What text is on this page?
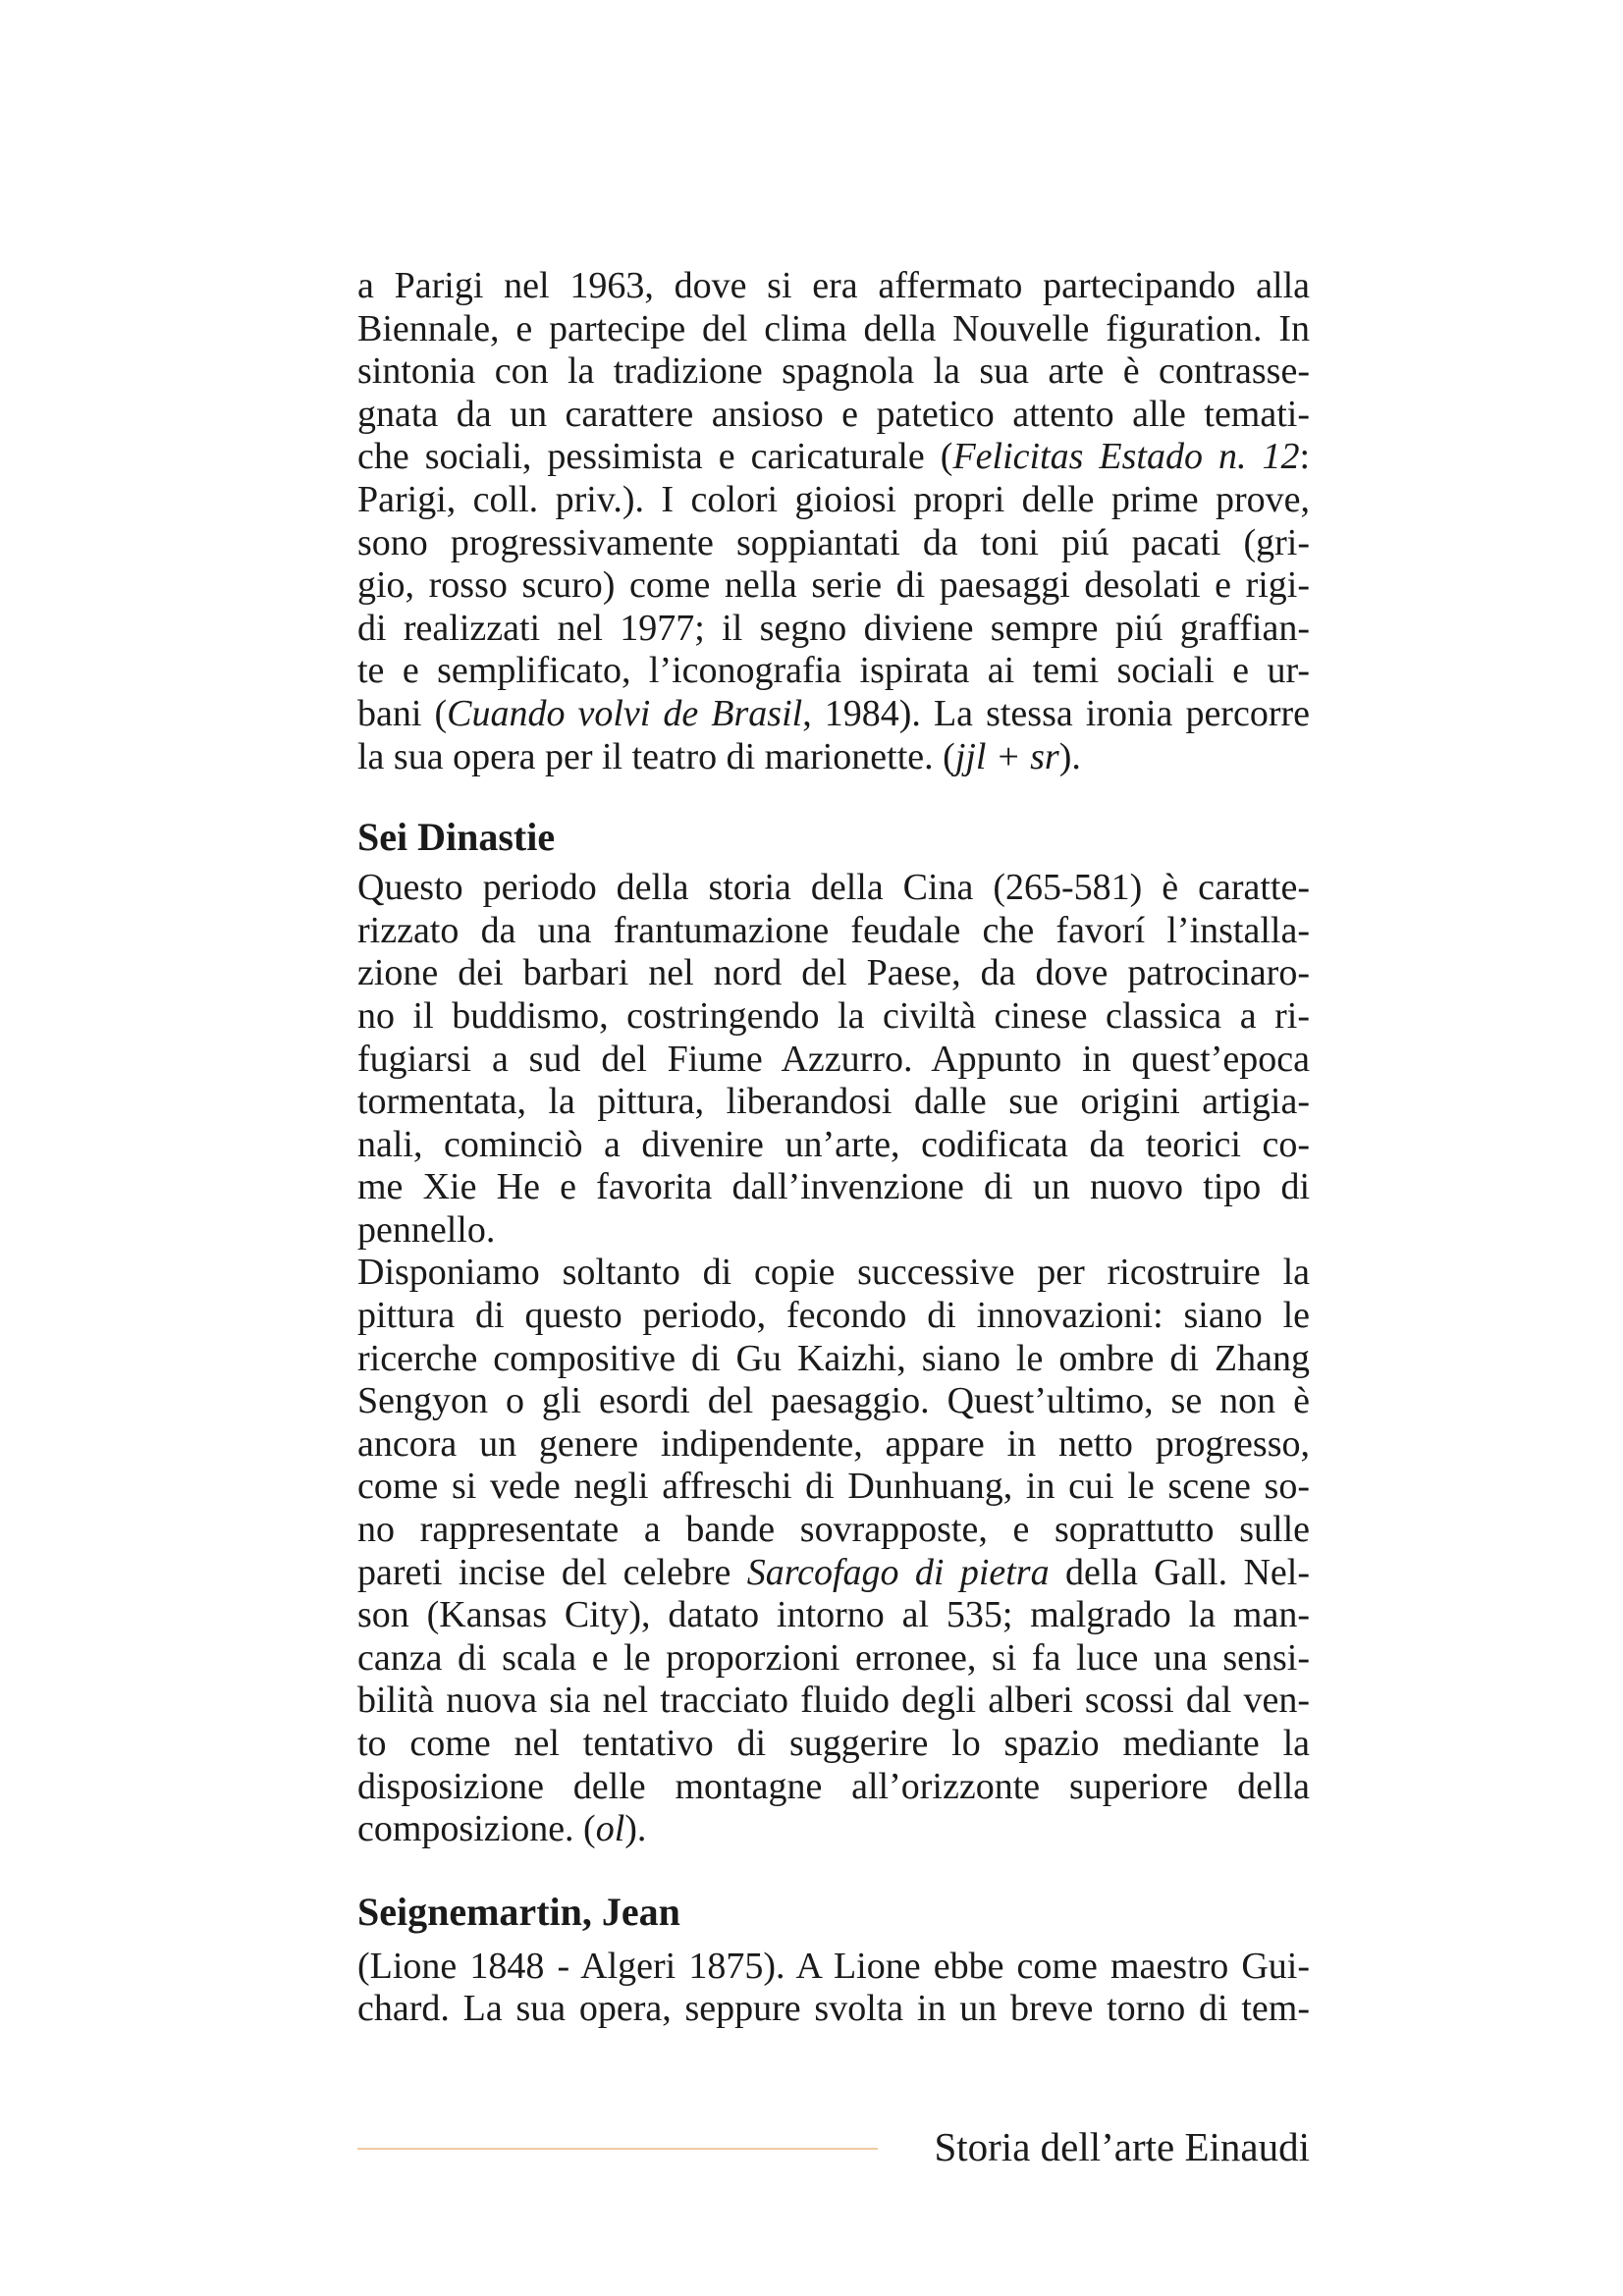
a Parigi nel 1963, dove si era affermato partecipando alla
Biennale, e partecipe del clima della Nouvelle figuration. In
sintonia con la tradizione spagnola la sua arte è contrasse-
gnata da un carattere ansioso e patetico attento alle temati-
che sociali, pessimista e caricaturale (Felicitas Estado n. 12:
Parigi, coll. priv.). I colori gioiosi propri delle prime prove,
sono progressivamente soppiantati da toni piú pacati (gri-
gio, rosso scuro) come nella serie di paesaggi desolati e rigi-
di realizzati nel 1977; il segno diviene sempre piú graffian-
te e semplificato, l’iconografia ispirata ai temi sociali e ur-
bani (Cuando volvi de Brasil, 1984). La stessa ironia percorre
la sua opera per il teatro di marionette. (jjl + sr).

Sei Dinastie

Questo periodo della storia della Cina (265-581) è caratte-
rizzato da una frantumazione feudale che favorí l’installa-
zione dei barbari nel nord del Paese, da dove patrocinaro-
no il buddismo, costringendo la civiltà cinese classica a ri-
fugiarsi a sud del Fiume Azzurro. Appunto in quest’epoca
tormentata, la pittura, liberandosi dalle sue origini artigia-
nali, cominciò a divenire un’arte, codificata da teorici co-
me Xie He e favorita dall’invenzione di un nuovo tipo di
pennello.

Disponiamo soltanto di copie successive per ricostruire la
pittura di questo periodo, fecondo di innovazioni: siano le
ricerche compositive di Gu Kaizhi, siano le ombre di Zhang
Sengyon o gli esordi del paesaggio. Quest’ultimo, se non è
ancora un genere indipendente, appare in netto progresso,
come si vede negli affreschi di Dunhuang, in cui le scene so-
no rappresentate a bande sovrapposte, e soprattutto sulle
pareti incise del celebre Sarcofago di pietra della Gall. Nel-
son (Kansas City), datato intorno al 535; malgrado la man-
canza di scala e le proporzioni erronee, si fa luce una sensi-
bilità nuova sia nel tracciato fluido degli alberi scossi dal ven-
to come nel tentativo di suggerire lo spazio mediante la
disposizione delle montagne all’orizzonte superiore della
composizione. (ol).

Seignemartin, Jean

(Lione 1848 - Algeri 1875). A Lione ebbe come maestro Gui-
chard. La sua opera, seppure svolta in un breve torno di tem-

Storia dell’arte Einaudi
